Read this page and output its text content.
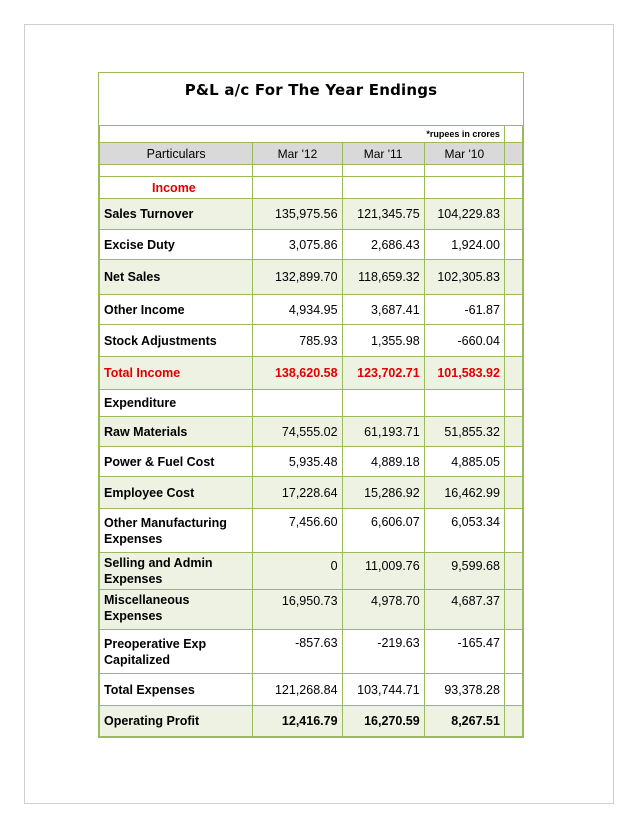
P&L a/c For The Year Endings
*rupees in crores				
Particulars	Mar '12	Mar '11	Mar '10	

Income				
Sales Turnover	135,975.56	121,345.75	104,229.83	
Excise Duty	3,075.86	2,686.43	1,924.00	
Net Sales	132,899.70	118,659.32	102,305.83	
Other Income	4,934.95	3,687.41	-61.87	
Stock Adjustments	785.93	1,355.98	-660.04	
Total Income	138,620.58	123,702.71	101,583.92	
Expenditure				
Raw Materials	74,555.02	61,193.71	51,855.32	
Power & Fuel Cost	5,935.48	4,889.18	4,885.05	
Employee Cost	17,228.64	15,286.92	16,462.99	
Other Manufacturing Expenses	7,456.60	6,606.07	6,053.34	
Selling and Admin Expenses	0	11,009.76	9,599.68	
Miscellaneous Expenses	16,950.73	4,978.70	4,687.37	
Preoperative Exp Capitalized	-857.63	-219.63	-165.47	
Total Expenses	121,268.84	103,744.71	93,378.28	
Operating Profit	12,416.79	16,270.59	8,267.51	
